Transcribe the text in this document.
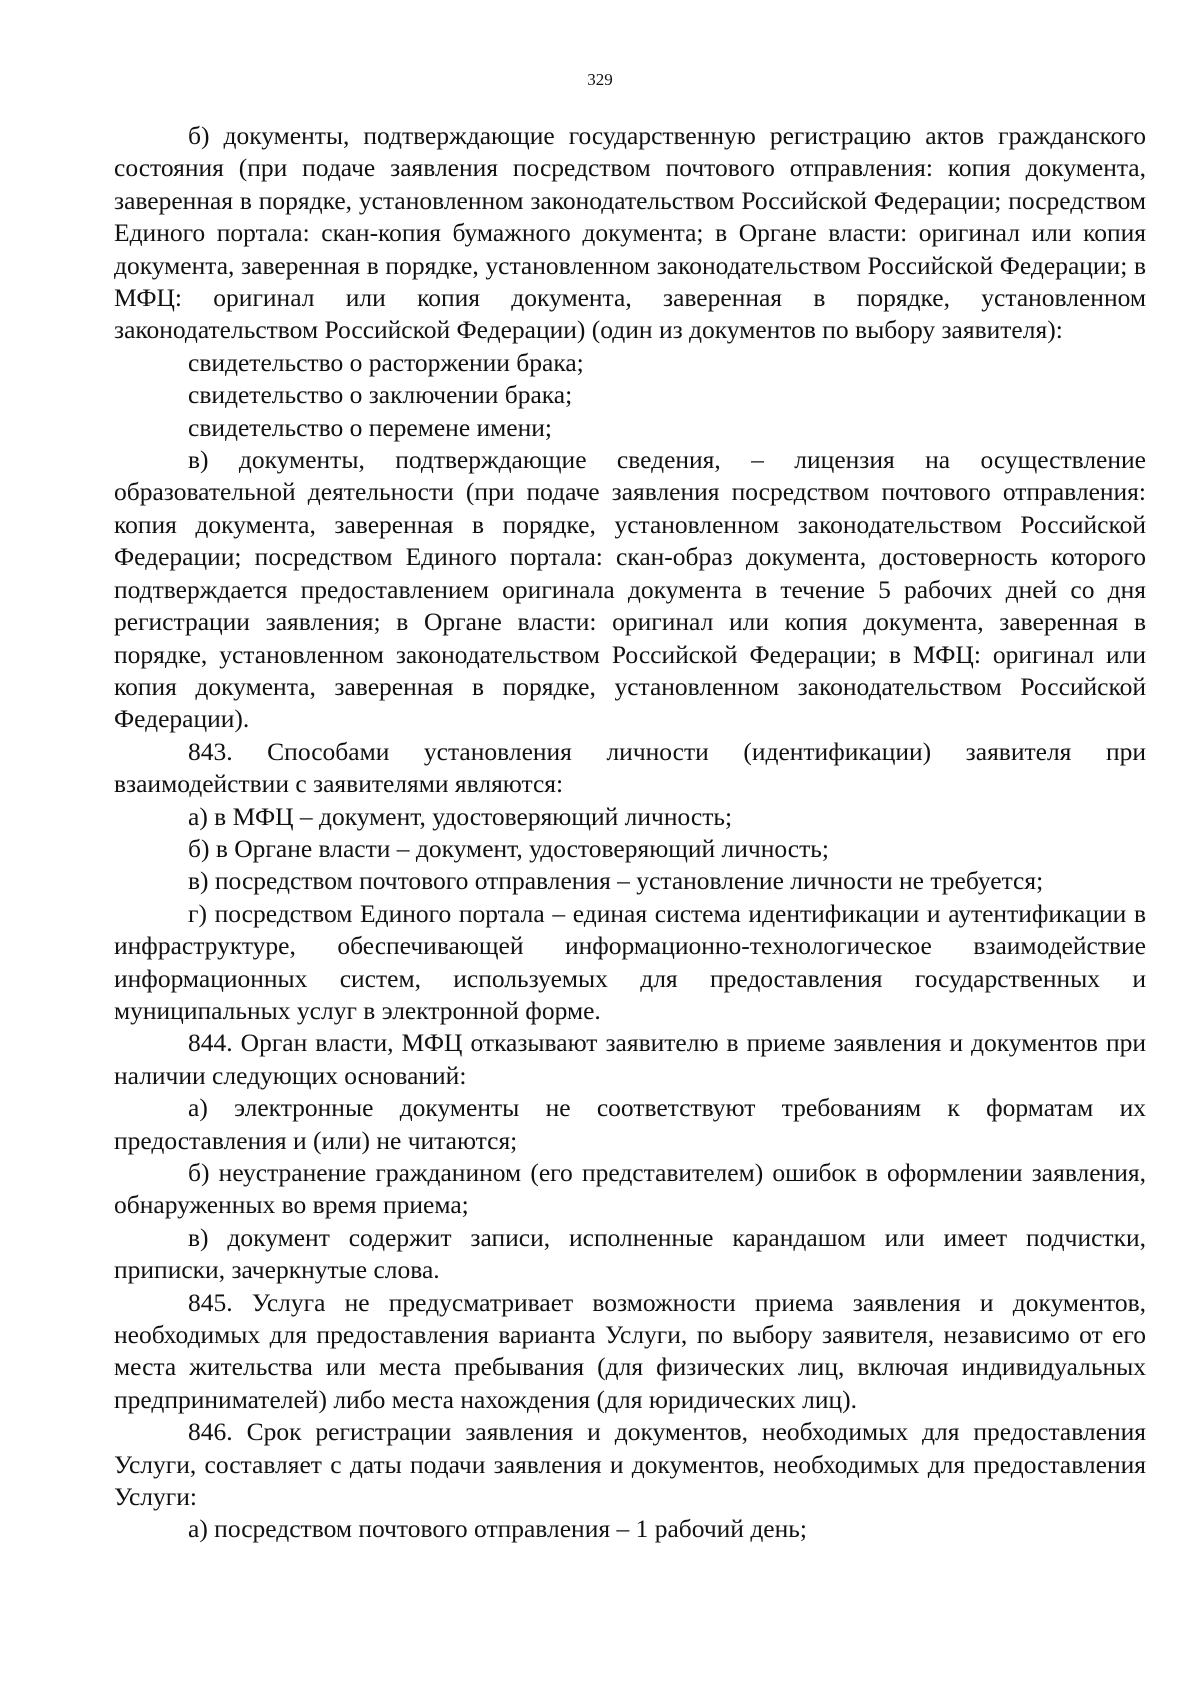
329

б) документы, подтверждающие государственную регистрацию актов гражданского состояния (при подаче заявления посредством почтового отправления: копия документа, заверенная в порядке, установленном законодательством Российской Федерации; посредством Единого портала: скан-копия бумажного документа; в Органе власти: оригинал или копия документа, заверенная в порядке, установленном законодательством Российской Федерации; в МФЦ: оригинал или копия документа, заверенная в порядке, установленном законодательством Российской Федерации) (один из документов по выбору заявителя):

свидетельство о расторжении брака;

свидетельство о заключении брака;

свидетельство о перемене имени;

в) документы, подтверждающие сведения, – лицензия на осуществление образовательной деятельности (при подаче заявления посредством почтового отправления: копия документа, заверенная в порядке, установленном законодательством Российской Федерации; посредством Единого портала: скан-образ документа, достоверность которого подтверждается предоставлением оригинала документа в течение 5 рабочих дней со дня регистрации заявления; в Органе власти: оригинал или копия документа, заверенная в порядке, установленном законодательством Российской Федерации; в МФЦ: оригинал или копия документа, заверенная в порядке, установленном законодательством Российской Федерации).

843. Способами установления личности (идентификации) заявителя при взаимодействии с заявителями являются:

а) в МФЦ – документ, удостоверяющий личность;

б) в Органе власти – документ, удостоверяющий личность;

в) посредством почтового отправления – установление личности не требуется;

г) посредством Единого портала – единая система идентификации и аутентификации в инфраструктуре, обеспечивающей информационно-технологическое взаимодействие информационных систем, используемых для предоставления государственных и муниципальных услуг в электронной форме.

844. Орган власти, МФЦ отказывают заявителю в приеме заявления и документов при наличии следующих оснований:

а) электронные документы не соответствуют требованиям к форматам их предоставления и (или) не читаются;

б) неустранение гражданином (его представителем) ошибок в оформлении заявления, обнаруженных во время приема;

в) документ содержит записи, исполненные карандашом или имеет подчистки, приписки, зачеркнутые слова.

845. Услуга не предусматривает возможности приема заявления и документов, необходимых для предоставления варианта Услуги, по выбору заявителя, независимо от его места жительства или места пребывания (для физических лиц, включая индивидуальных предпринимателей) либо места нахождения (для юридических лиц).

846. Срок регистрации заявления и документов, необходимых для предоставления Услуги, составляет с даты подачи заявления и документов, необходимых для предоставления Услуги:

а) посредством почтового отправления – 1 рабочий день;
